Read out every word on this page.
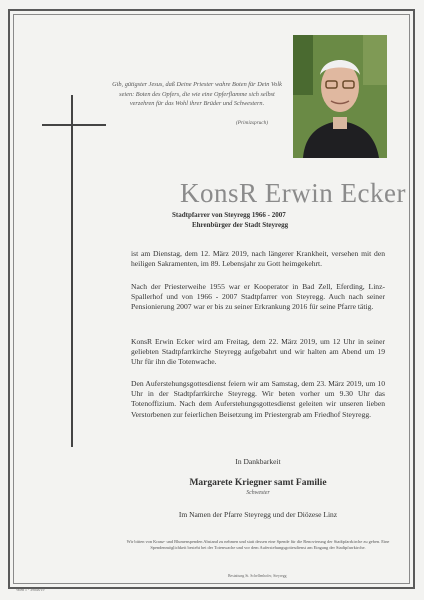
Gib, gütigster Jesus, daß Deine Priester wahre Boten für Dein Volk seien: Boten des Opfers, die wie eine Opferflamme sich selbst verzehren für das Wohl ihrer Brüder und Schwestern.
(Primizspruch)
KonsR Erwin Ecker
Stadtpfarrer von Steyregg 1966 - 2007
Ehrenbürger der Stadt Steyregg
ist am Dienstag, dem 12. März 2019, nach längerer Krankheit, versehen mit den heiligen Sakramenten, im 89. Lebensjahr zu Gott heimgekehrt.
Nach der Priesterweihe 1955 war er Kooperator in Bad Zell, Eferding, Linz-Spallerhof und von 1966 - 2007 Stadtpfarrer von Steyregg. Auch nach seiner Pensionierung 2007 war er bis zu seiner Erkrankung 2016 für seine Pfarre tätig.
KonsR Erwin Ecker wird am Freitag, dem 22. März 2019, um 12 Uhr in seiner geliebten Stadtpfarrkirche Steyregg aufgebahrt und wir halten am Abend um 19 Uhr für ihn die Totenwache.
Den Auferstehungsgottesdienst feiern wir am Samstag, dem 23. März 2019, um 10 Uhr in der Stadtpfarrkirche Steyregg. Wir beten vorher um 9.30 Uhr das Totenoffizium. Nach dem Auferstehungsgottesdienst geleiten wir unseren lieben Verstorbenen zur feierlichen Beisetzung im Priestergrab am Friedhof Steyregg.
In Dankbarkeit
Margarete Kriegner samt Familie
Schwester
Im Namen der Pfarre Steyregg und der Diözese Linz
Wir bitten von Kranz- und Blumenspenden Abstand zu nehmen und statt dessen eine Spende für die Renovierung der Stadtpfarrkirche zu geben. Eine Spendenmöglichkeit besteht bei der Totenwache und vor dem Auferstehungsgottesdienst am Eingang der Stadtpfarrkirche.
Bestattung St. Schellenhofer, Steyregg
Wien 1 - 39048/19
